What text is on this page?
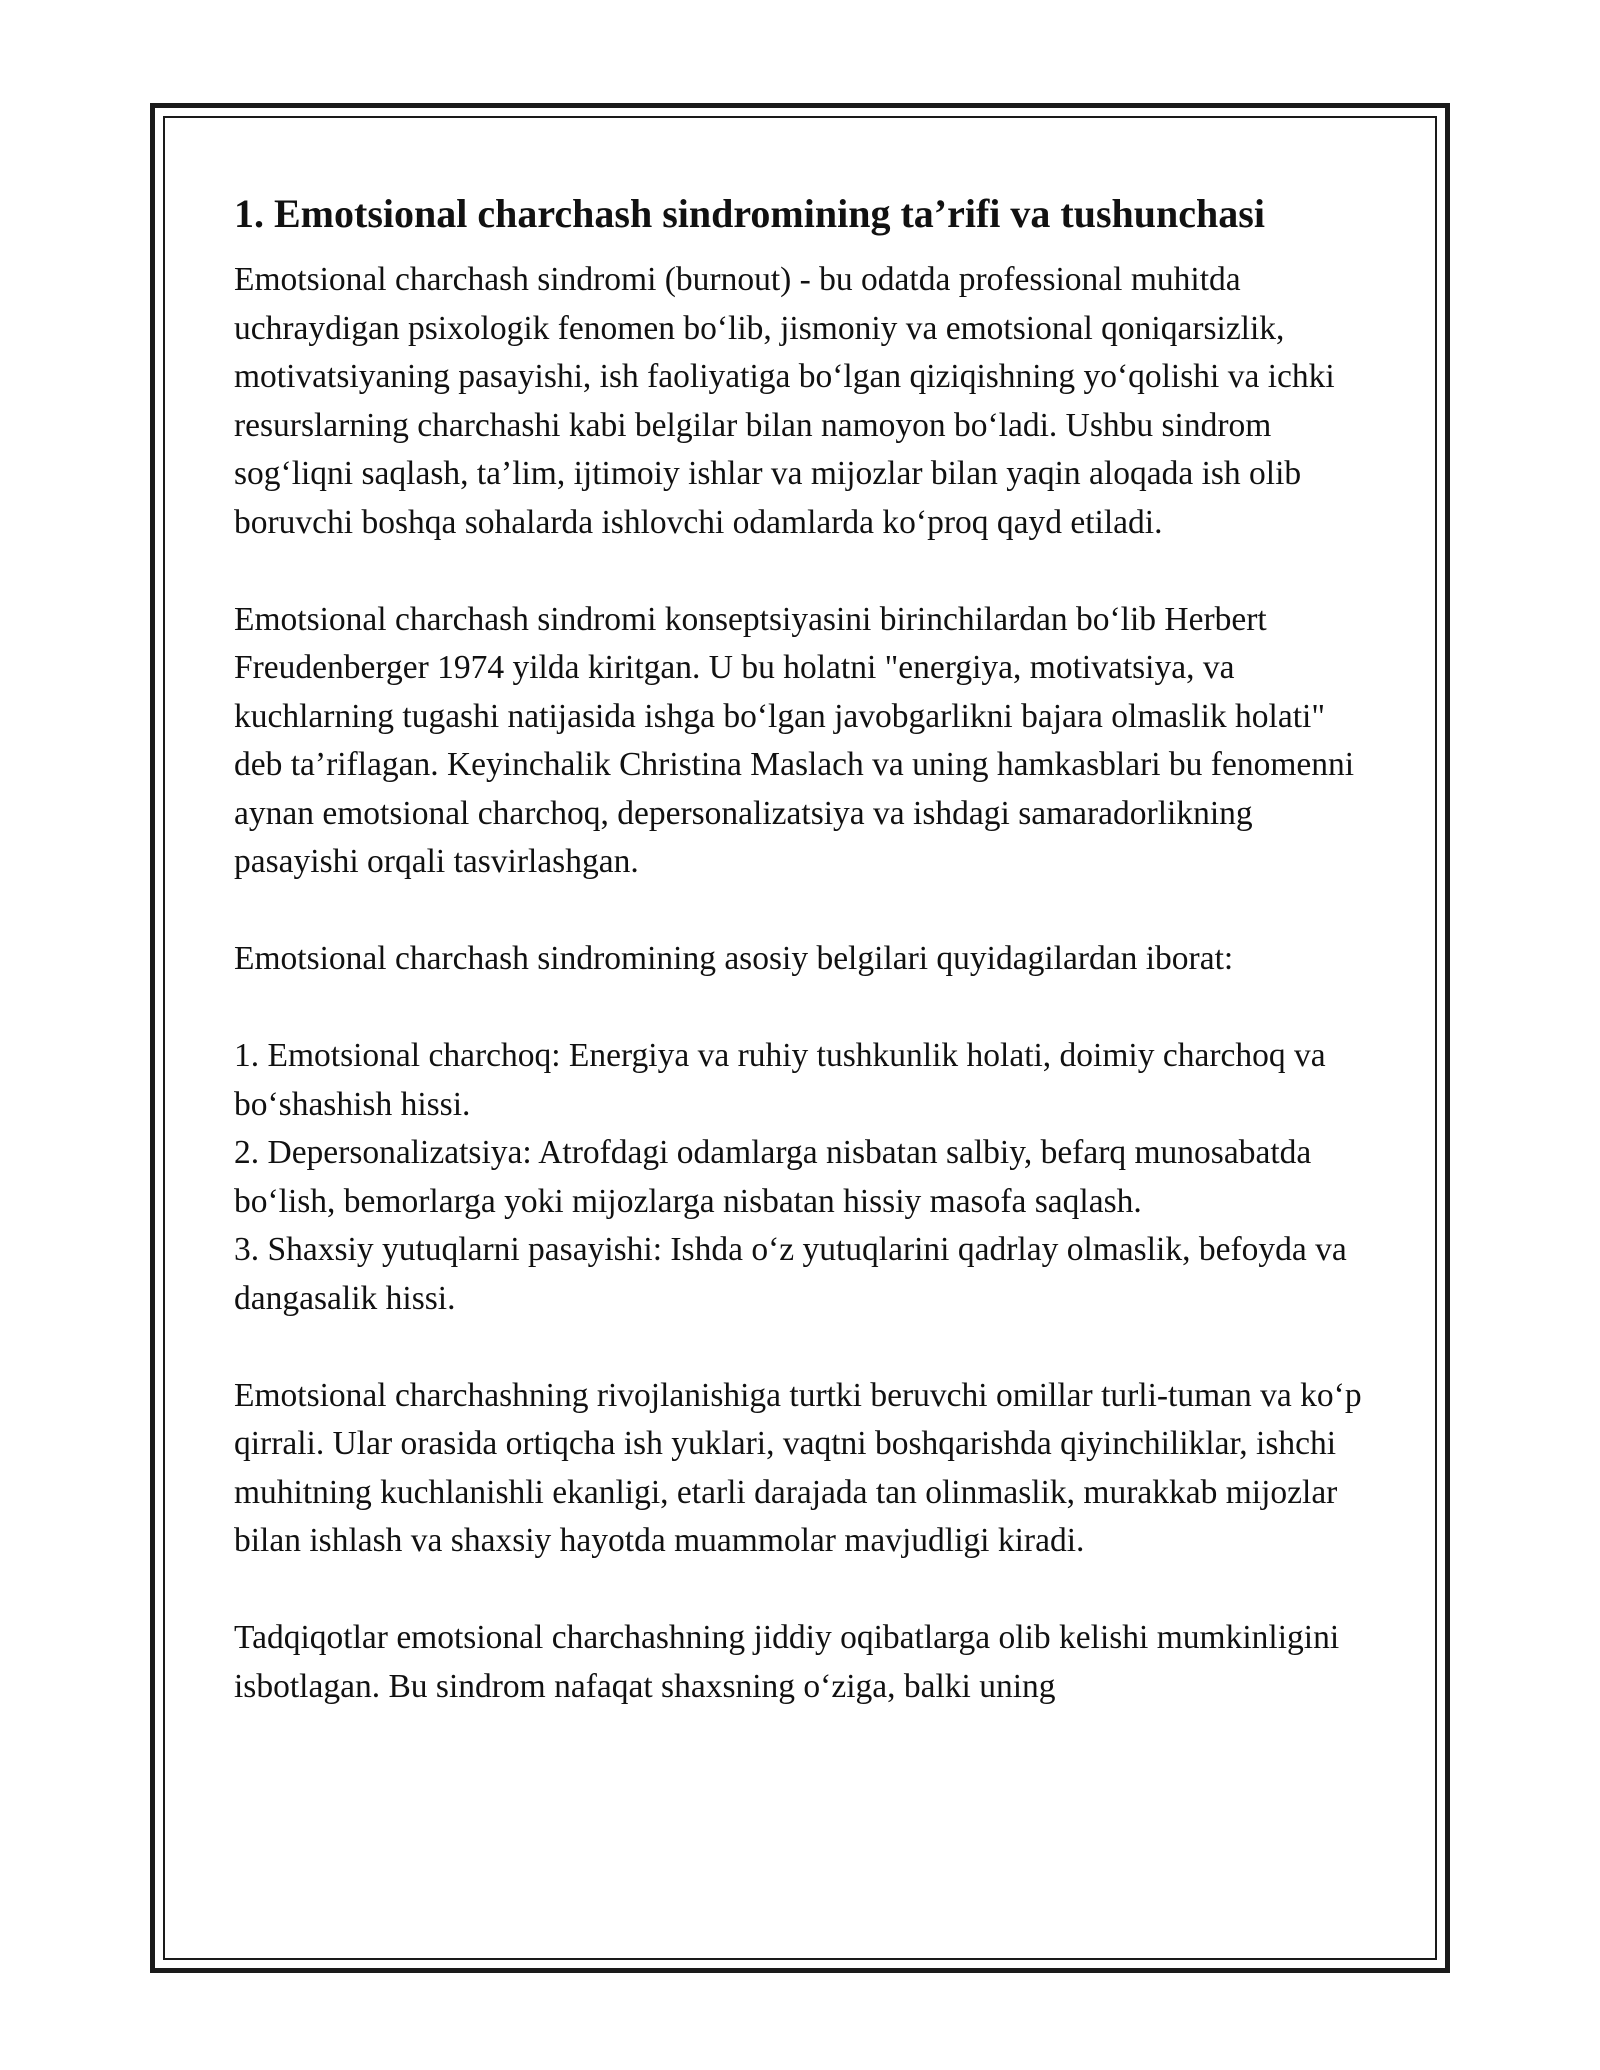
1. Emotsional charchash sindromining ta’rifi va tushunchasi

Emotsional charchash sindromi (burnout) - bu odatda professional muhitda uchraydigan psixologik fenomen bo‘lib, jismoniy va emotsional qoniqarsizlik, motivatsiyaning pasayishi, ish faoliyatiga bo‘lgan qiziqishning yo‘qolishi va ichki resurslarning charchashi kabi belgilar bilan namoyon bo‘ladi. Ushbu sindrom sog‘liqni saqlash, ta’lim, ijtimoiy ishlar va mijozlar bilan yaqin aloqada ish olib boruvchi boshqa sohalarda ishlovchi odamlarda ko‘proq qayd etiladi.

Emotsional charchash sindromi konseptsiyasini birinchilardan bo‘lib Herbert Freudenberger 1974 yilda kiritgan. U bu holatni "energiya, motivatsiya, va kuchlarning tugashi natijasida ishga bo‘lgan javobgarlikni bajara olmaslik holati" deb ta’riflagan. Keyinchalik Christina Maslach va uning hamkasblari bu fenomenni aynan emotsional charchoq, depersonalizatsiya va ishdagi samaradorlikning pasayishi orqali tasvirlashgan.

Emotsional charchash sindromining asosiy belgilari quyidagilardan iborat:

1. Emotsional charchoq: Energiya va ruhiy tushkunlik holati, doimiy charchoq va bo‘shashish hissi.
2. Depersonalizatsiya: Atrofdagi odamlarga nisbatan salbiy, befarq munosabatda bo‘lish, bemorlarga yoki mijozlarga nisbatan hissiy masofa saqlash.
3. Shaxsiy yutuqlarni pasayishi: Ishda o‘z yutuqlarini qadrlay olmaslik, befoyda va dangasalik hissi.

Emotsional charchashning rivojlanishiga turtki beruvchi omillar turli-tuman va ko‘p qirrali. Ular orasida ortiqcha ish yuklari, vaqtni boshqarishda qiyinchiliklar, ishchi muhitning kuchlanishli ekanligi, etarli darajada tan olinmaslik, murakkab mijozlar bilan ishlash va shaxsiy hayotda muammolar mavjudligi kiradi.

Tadqiqotlar emotsional charchashning jiddiy oqibatlarga olib kelishi mumkinligini isbotlagan. Bu sindrom nafaqat shaxsning o‘ziga, balki uning
